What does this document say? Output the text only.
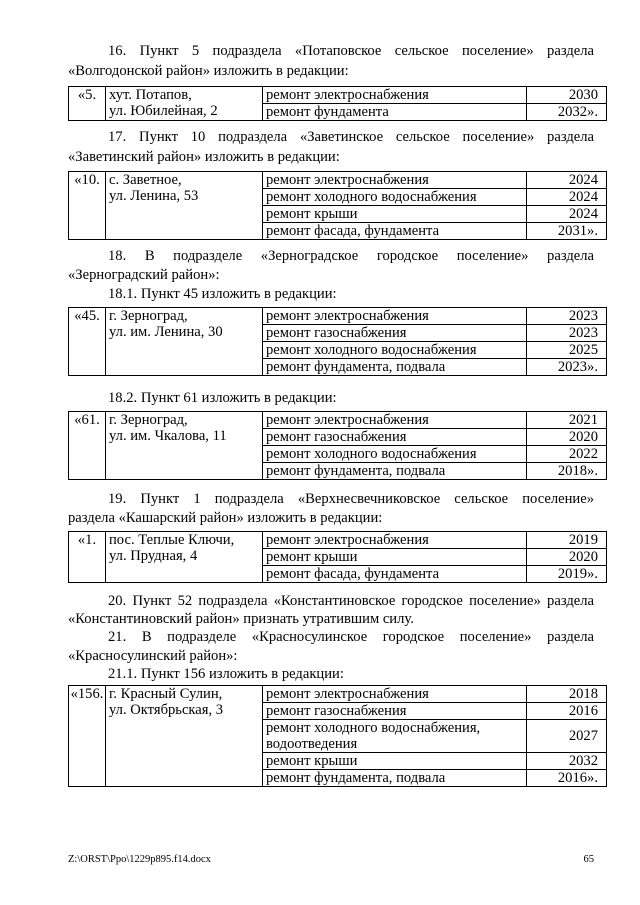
16. Пункт 5 подраздела «Потаповское сельское поселение» раздела
«Волгодонской район» изложить в редакции:
«5.	хут. Потапов,
ул. Юбилейная, 2	ремонт электроснабжения	2030
		ремонт фундамента	2032».
17. Пункт 10 подраздела «Заветинское сельское поселение» раздела
«Заветинский район» изложить в редакции:
«10.	с. Заветное,
ул. Ленина, 53	ремонт электроснабжения	2024
		ремонт холодного водоснабжения	2024
		ремонт крыши	2024
		ремонт фасада, фундамента	2031».
18. В подразделе «Зерноградское городское поселение» раздела
«Зерноградский район»:
18.1. Пункт 45 изложить в редакции:
«45.	г. Зерноград,
ул. им. Ленина, 30	ремонт электроснабжения	2023
		ремонт газоснабжения	2023
		ремонт холодного водоснабжения	2025
		ремонт фундамента, подвала	2023».
18.2. Пункт 61 изложить в редакции:
«61.	г. Зерноград,
ул. им. Чкалова, 11	ремонт электроснабжения	2021
		ремонт газоснабжения	2020
		ремонт холодного водоснабжения	2022
		ремонт фундамента, подвала	2018».
19. Пункт 1 подраздела «Верхнесвечниковское сельское поселение»
раздела «Кашарский район» изложить в редакции:
«1.	пос. Теплые Ключи,
ул. Прудная, 4	ремонт электроснабжения	2019
		ремонт крыши	2020
		ремонт фасада, фундамента	2019».
20. Пункт 52 подраздела «Константиновское городское поселение» раздела
«Константиновский район» признать утратившим силу.
21. В подразделе «Красносулинское городское поселение» раздела
«Красносулинский район»:
21.1. Пункт 156 изложить в редакции:
«156.	г. Красный Сулин,
ул. Октябрьская, 3	ремонт электроснабжения	2018
		ремонт газоснабжения	2016
		ремонт холодного водоснабжения, водоотведения	2027
		ремонт крыши	2032
		ремонт фундамента, подвала	2016».
Z:\ORST\Ppo\1229p895.f14.docx	65
